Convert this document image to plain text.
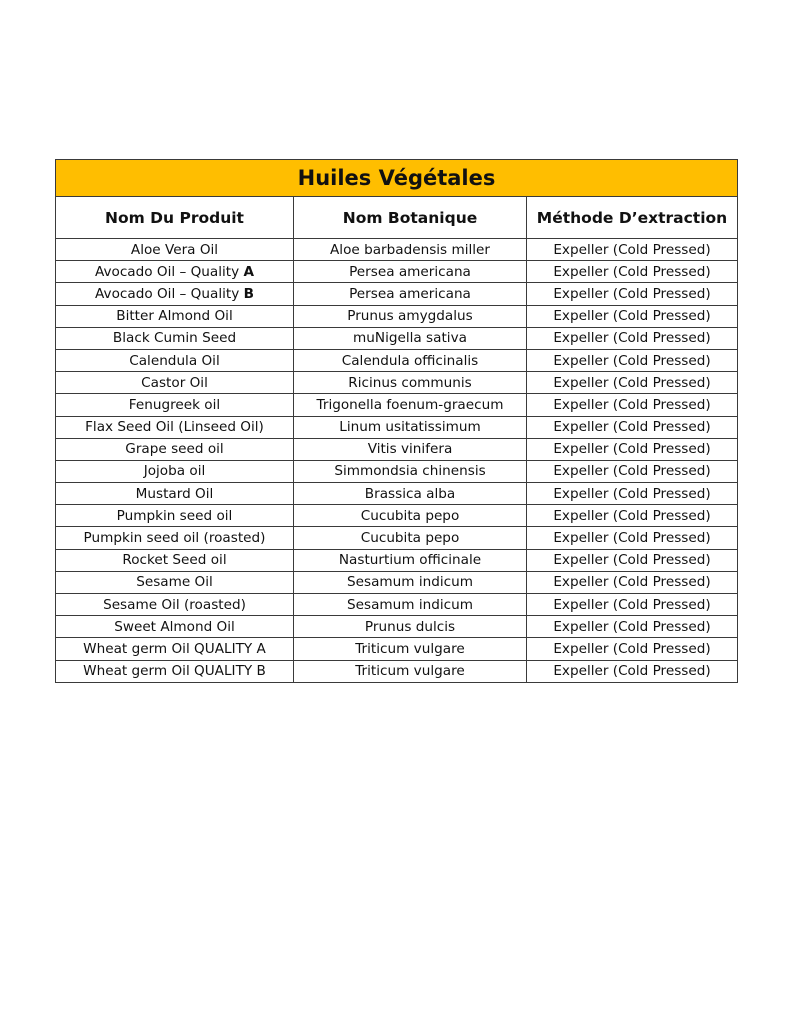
Huiles Végétales		
Nom Du Produit	Nom Botanique	Méthode D’extraction
Aloe Vera Oil	Aloe barbadensis miller	Expeller (Cold Pressed)
Avocado Oil – Quality A	Persea americana	Expeller (Cold Pressed)
Avocado Oil – Quality B	Persea americana	Expeller (Cold Pressed)
Bitter Almond Oil	Prunus amygdalus	Expeller (Cold Pressed)
Black Cumin Seed	muNigella sativa	Expeller (Cold Pressed)
Calendula Oil	Calendula officinalis	Expeller (Cold Pressed)
Castor Oil	Ricinus communis	Expeller (Cold Pressed)
Fenugreek oil	Trigonella foenum-graecum	Expeller (Cold Pressed)
Flax Seed Oil (Linseed Oil)	Linum usitatissimum	Expeller (Cold Pressed)
Grape seed oil	Vitis vinifera	Expeller (Cold Pressed)
Jojoba oil	Simmondsia chinensis	Expeller (Cold Pressed)
Mustard Oil	Brassica alba	Expeller (Cold Pressed)
Pumpkin seed oil	Cucubita pepo	Expeller (Cold Pressed)
Pumpkin seed oil (roasted)	Cucubita pepo	Expeller (Cold Pressed)
Rocket Seed oil	Nasturtium officinale	Expeller (Cold Pressed)
Sesame Oil	Sesamum indicum	Expeller (Cold Pressed)
Sesame Oil (roasted)	Sesamum indicum	Expeller (Cold Pressed)
Sweet Almond Oil	Prunus dulcis	Expeller (Cold Pressed)
Wheat germ Oil QUALITY A	Triticum vulgare	Expeller (Cold Pressed)
Wheat germ Oil QUALITY B	Triticum vulgare	Expeller (Cold Pressed)
